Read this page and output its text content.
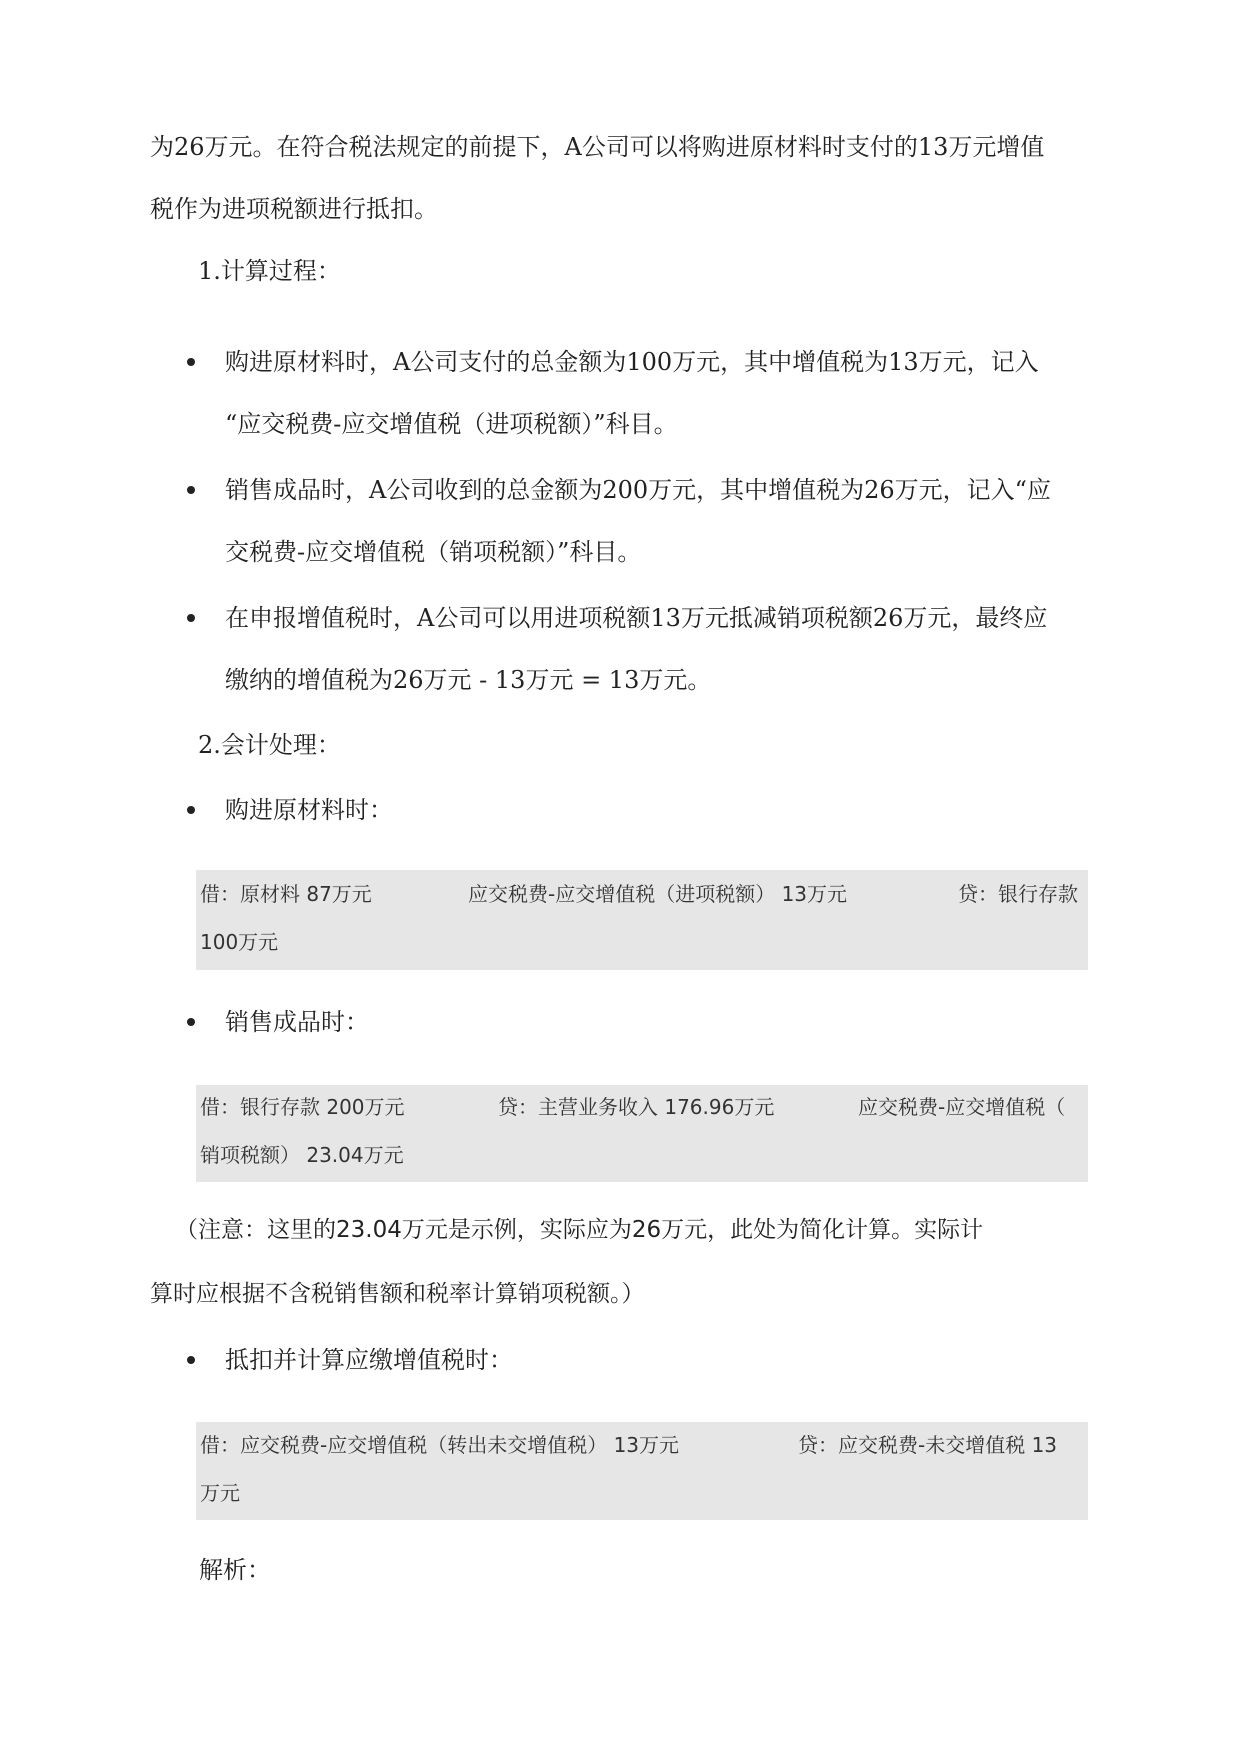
为26万元。在符合税法规定的前提下，A公司可以将购进原材料时支付的13万元增值
税作为进项税额进行抵扣。
1.计算过程：
购进原材料时，A公司支付的总金额为100万元，其中增值税为13万元，记入
“应交税费-应交增值税（进项税额）”科目。
销售成品时，A公司收到的总金额为200万元，其中增值税为26万元，记入“应
交税费-应交增值税（销项税额）”科目。
在申报增值税时，A公司可以用进项税额13万元抵减销项税额26万元，最终应
缴纳的增值税为26万元 - 13万元 = 13万元。
2.会计处理：
购进原材料时：
借：原材料 87万元	应交税费-应交增值税（进项税额） 13万元	贷：银行存款
100万元
销售成品时：
借：银行存款 200万元	贷：主营业务收入 176.96万元	应交税费-应交增值税（
销项税额） 23.04万元
（注意：这里的23.04万元是示例，实际应为26万元，此处为简化计算。实际计
算时应根据不含税销售额和税率计算销项税额。）
抵扣并计算应缴增值税时：
借：应交税费-应交增值税（转出未交增值税） 13万元	贷：应交税费-未交增值税 13
万元
解析：
